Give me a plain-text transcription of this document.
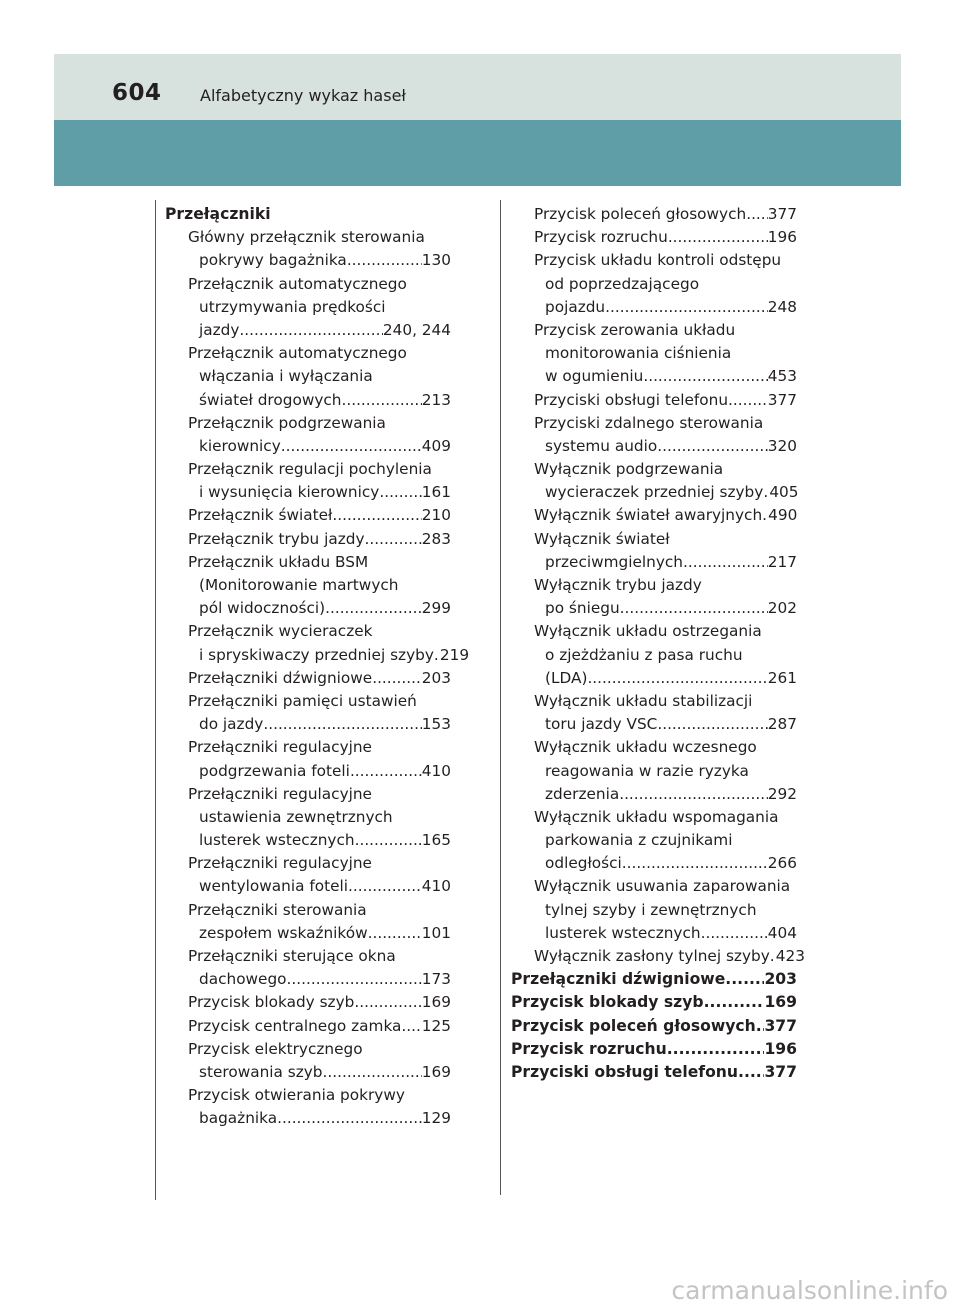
604 Alfabetyczny wykaz haseł
Przełączniki
Główny przełącznik sterowania
pokrywy bagażnika .....	130
Przełącznik automatycznego
utrzymywania prędkości
jazdy .....	240, 244
Przełącznik automatycznego
włączania i wyłączania
świateł drogowych .....	213
Przełącznik podgrzewania
kierownicy .....	409
Przełącznik regulacji pochylenia
i wysunięcia kierownicy .....	161
Przełącznik świateł .....	210
Przełącznik trybu jazdy .....	283
Przełącznik układu BSM
(Monitorowanie martwych
pól widoczności) .....	299
Przełącznik wycieraczek
i spryskiwaczy przedniej szyby ..... 219
Przełączniki dźwigniowe .....	203
Przełączniki pamięci ustawień
do jazdy .....	153
Przełączniki regulacyjne
podgrzewania foteli .....	410
Przełączniki regulacyjne
ustawienia zewnętrznych
lusterek wstecznych .....	165
Przełączniki regulacyjne
wentylowania foteli .....	410
Przełączniki sterowania
zespołem wskaźników .....	101
Przełączniki sterujące okna
dachowego .....	173
Przycisk blokady szyb .....	169
Przycisk centralnego zamka ..... 125
Przycisk elektrycznego
sterowania szyb .....	169
Przycisk otwierania pokrywy
bagażnika .....	129
Przycisk poleceń głosowych ..... 377
Przycisk rozruchu .....	196
Przycisk układu kontroli odstępu
od poprzedzającego
pojazdu .....	248
Przycisk zerowania układu
monitorowania ciśnienia
w ogumieniu .....	453
Przyciski obsługi telefonu .....	377
Przyciski zdalnego sterowania
systemu audio .....	320
Wyłącznik podgrzewania
wycieraczek przedniej szyby ..... 405
Wyłącznik świateł awaryjnych ..... 490
Wyłącznik świateł
przeciwmgielnych .....	217
Wyłącznik trybu jazdy
po śniegu .....	202
Wyłącznik układu ostrzegania
o zjeżdżaniu z pasa ruchu
(LDA) .....	261
Wyłącznik układu stabilizacji
toru jazdy VSC .....	287
Wyłącznik układu wczesnego
reagowania w razie ryzyka
zderzenia .....	292
Wyłącznik układu wspomagania
parkowania z czujnikami
odległości .....	266
Wyłącznik usuwania zaparowania
tylnej szyby i zewnętrznych
lusterek wstecznych .....	404
Wyłącznik zasłony tylnej szyby ..... 423
Przełączniki dźwigniowe .....	203
Przycisk blokady szyb .....	169
Przycisk poleceń głosowych ..... 377
Przycisk rozruchu .....	196
Przyciski obsługi telefonu ..... 377
carmanualsonline.info
